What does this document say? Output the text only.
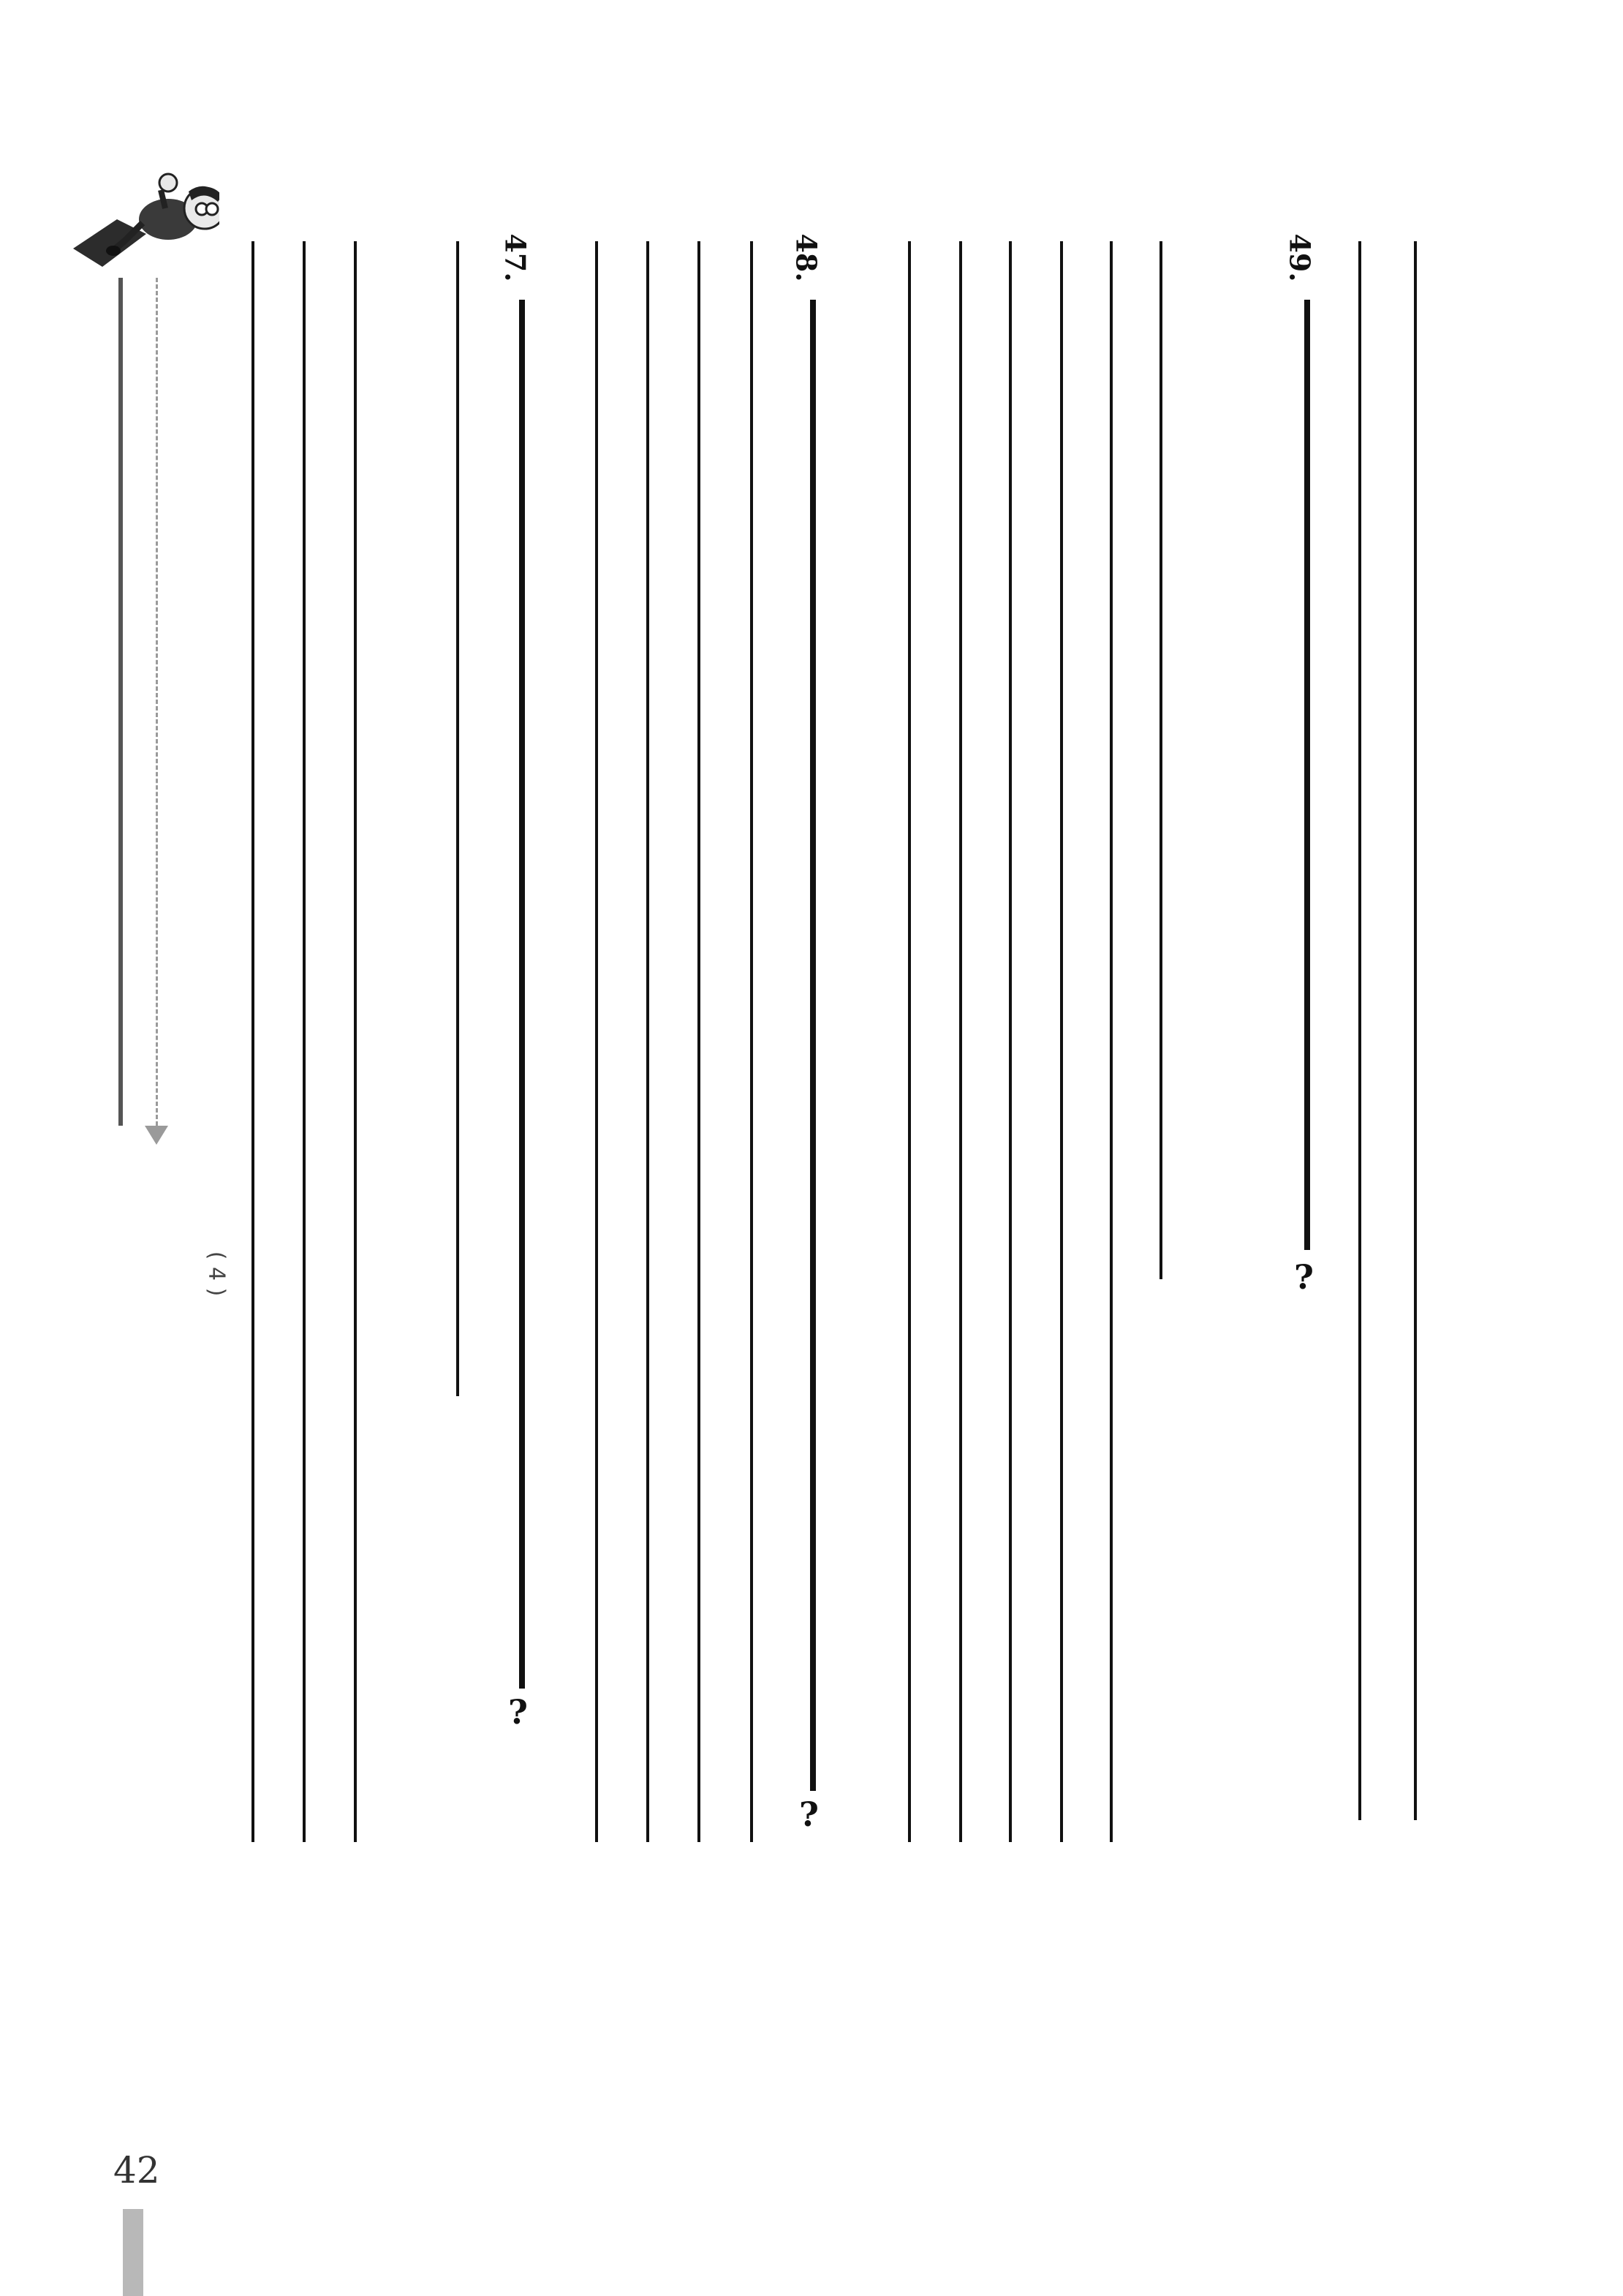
( 4 )
49.
?
48.
?
47.
?
42
